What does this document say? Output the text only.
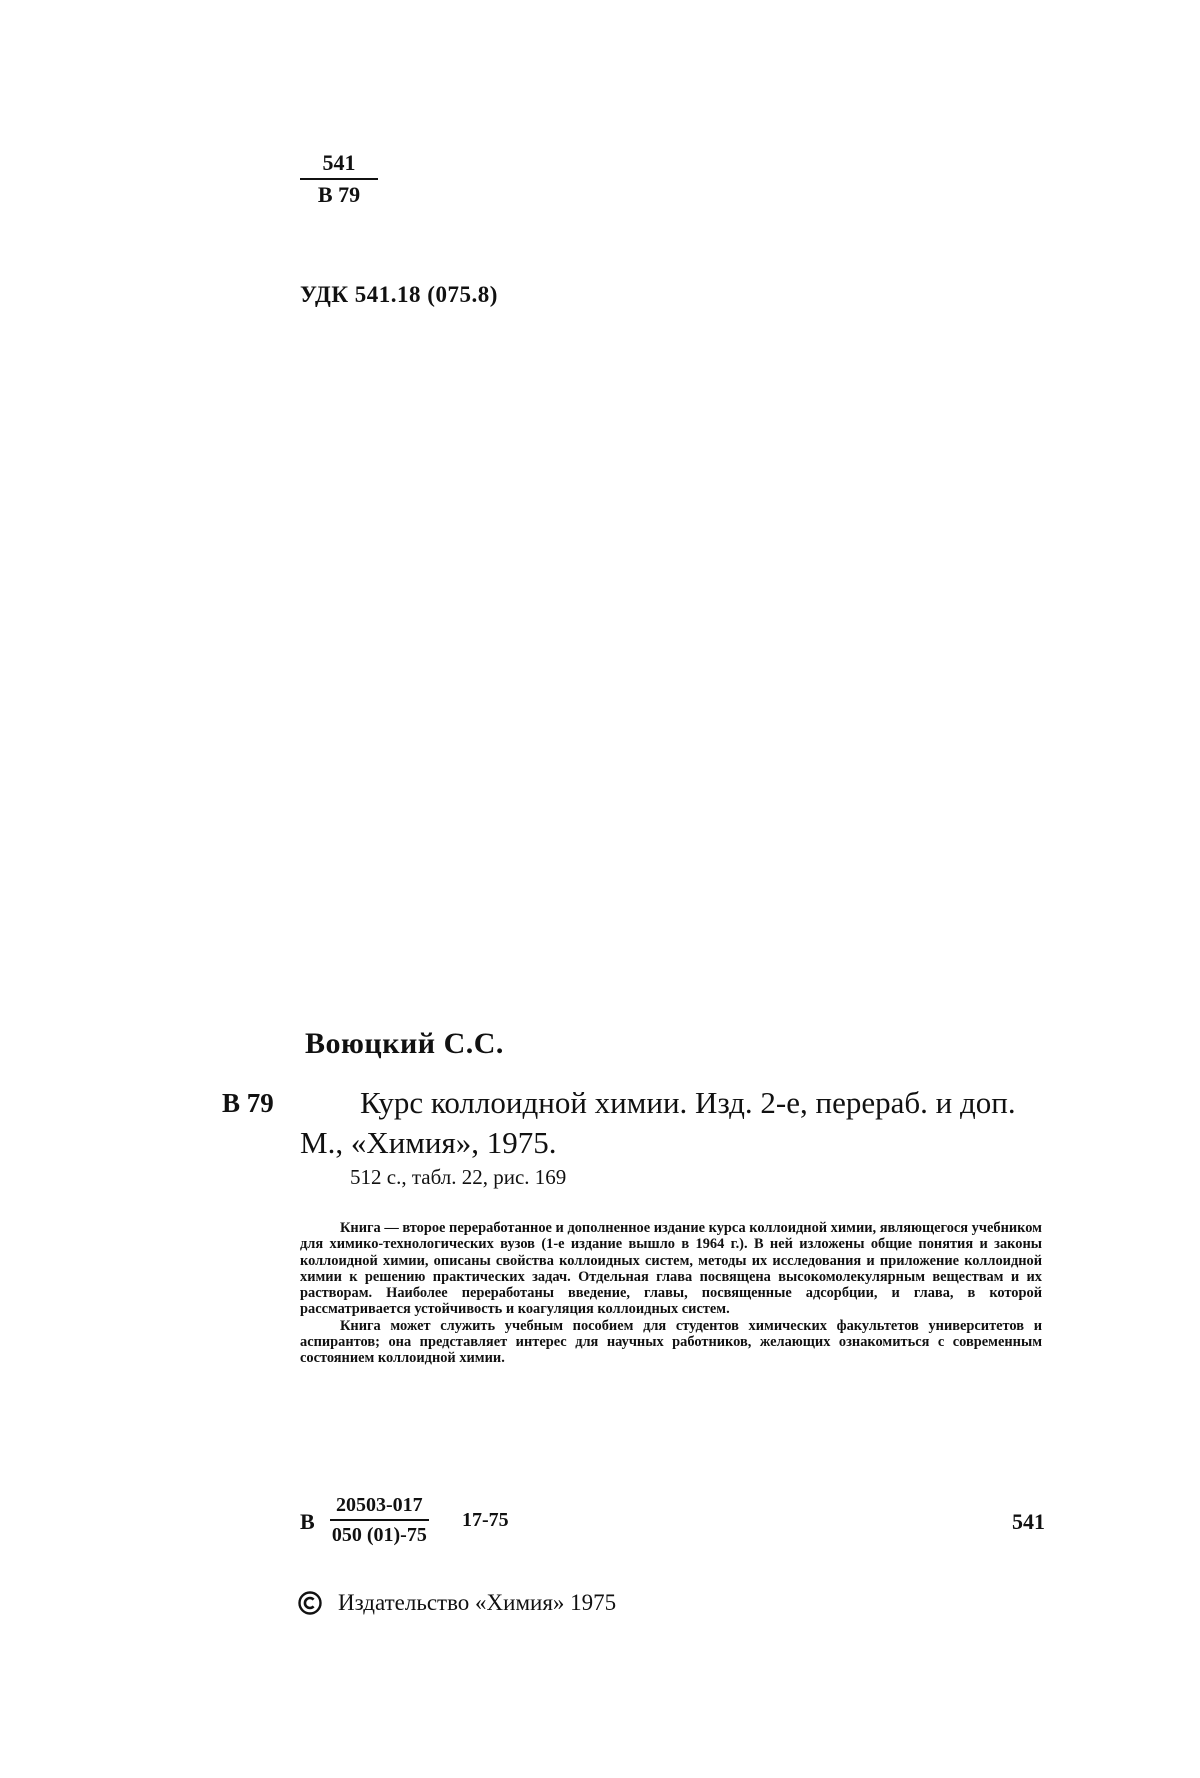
541
В 79
УДК 541.18 (075.8)
Воюцкий С.С.
В 79	Курс коллоидной химии. Изд. 2-е, перераб. и доп. М., «Химия», 1975.
512 с., табл. 22, рис. 169

Книга — второе переработанное и дополненное издание курса коллоидной химии, являющегося учебником для химико-технологических вузов (1-е издание вышло в 1964 г.). В ней изложены общие понятия и законы коллоидной химии, описаны свойства коллоидных систем, методы их исследования и приложение коллоидной химии к решению практических задач. Отдельная глава посвящена высокомолекулярным веществам и их растворам. Наиболее переработаны введение, главы, посвященные адсорбции, и глава, в которой рассматривается устойчивость и коагуляция коллоидных систем.

Книга может служить учебным пособием для студентов химических факультетов университетов и аспирантов; она представляет интерес для научных работников, желающих ознакомиться с современным состоянием коллоидной химии.

В $\frac{20503-017}{050 (01)-75} 17-75$	541
Издательство «Химия» 1975
